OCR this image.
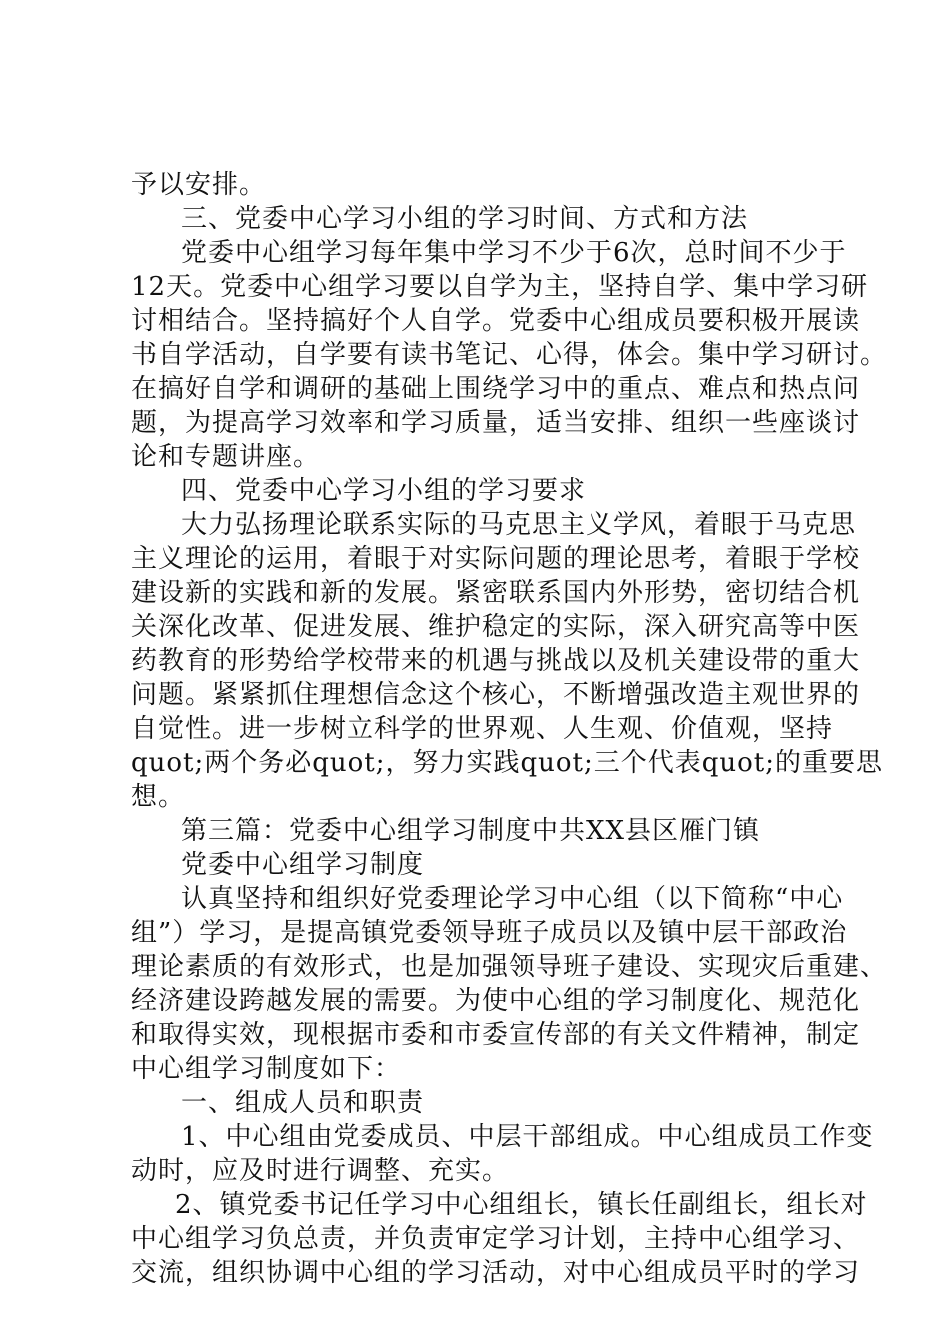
予以安排。
三、党委中心学习小组的学习时间、方式和方法
党委中心组学习每年集中学习不少于6次，总时间不少于
12天。党委中心组学习要以自学为主，坚持自学、集中学习研
讨相结合。坚持搞好个人自学。党委中心组成员要积极开展读
书自学活动，自学要有读书笔记、心得，体会。集中学习研讨。
在搞好自学和调研的基础上围绕学习中的重点、难点和热点问
题，为提高学习效率和学习质量，适当安排、组织一些座谈讨
论和专题讲座。
四、党委中心学习小组的学习要求
大力弘扬理论联系实际的马克思主义学风，着眼于马克思
主义理论的运用，着眼于对实际问题的理论思考，着眼于学校
建设新的实践和新的发展。紧密联系国内外形势，密切结合机
关深化改革、促进发展、维护稳定的实际，深入研究高等中医
药教育的形势给学校带来的机遇与挑战以及机关建设带的重大
问题。紧紧抓住理想信念这个核心，不断增强改造主观世界的
自觉性。进一步树立科学的世界观、人生观、价值观，坚持
quot;两个务必quot;，努力实践quot;三个代表quot;的重要思
想。
第三篇：党委中心组学习制度中共XX县区雁门镇
党委中心组学习制度
认真坚持和组织好党委理论学习中心组（以下简称“中心
组”）学习，是提高镇党委领导班子成员以及镇中层干部政治
理论素质的有效形式，也是加强领导班子建设、实现灾后重建、
经济建设跨越发展的需要。为使中心组的学习制度化、规范化
和取得实效，现根据市委和市委宣传部的有关文件精神，制定
中心组学习制度如下：
一、组成人员和职责
1、中心组由党委成员、中层干部组成。中心组成员工作变
动时，应及时进行调整、充实。
2、镇党委书记任学习中心组组长，镇长任副组长，组长对
中心组学习负总责，并负责审定学习计划，主持中心组学习、
交流，组织协调中心组的学习活动，对中心组成员平时的学习
